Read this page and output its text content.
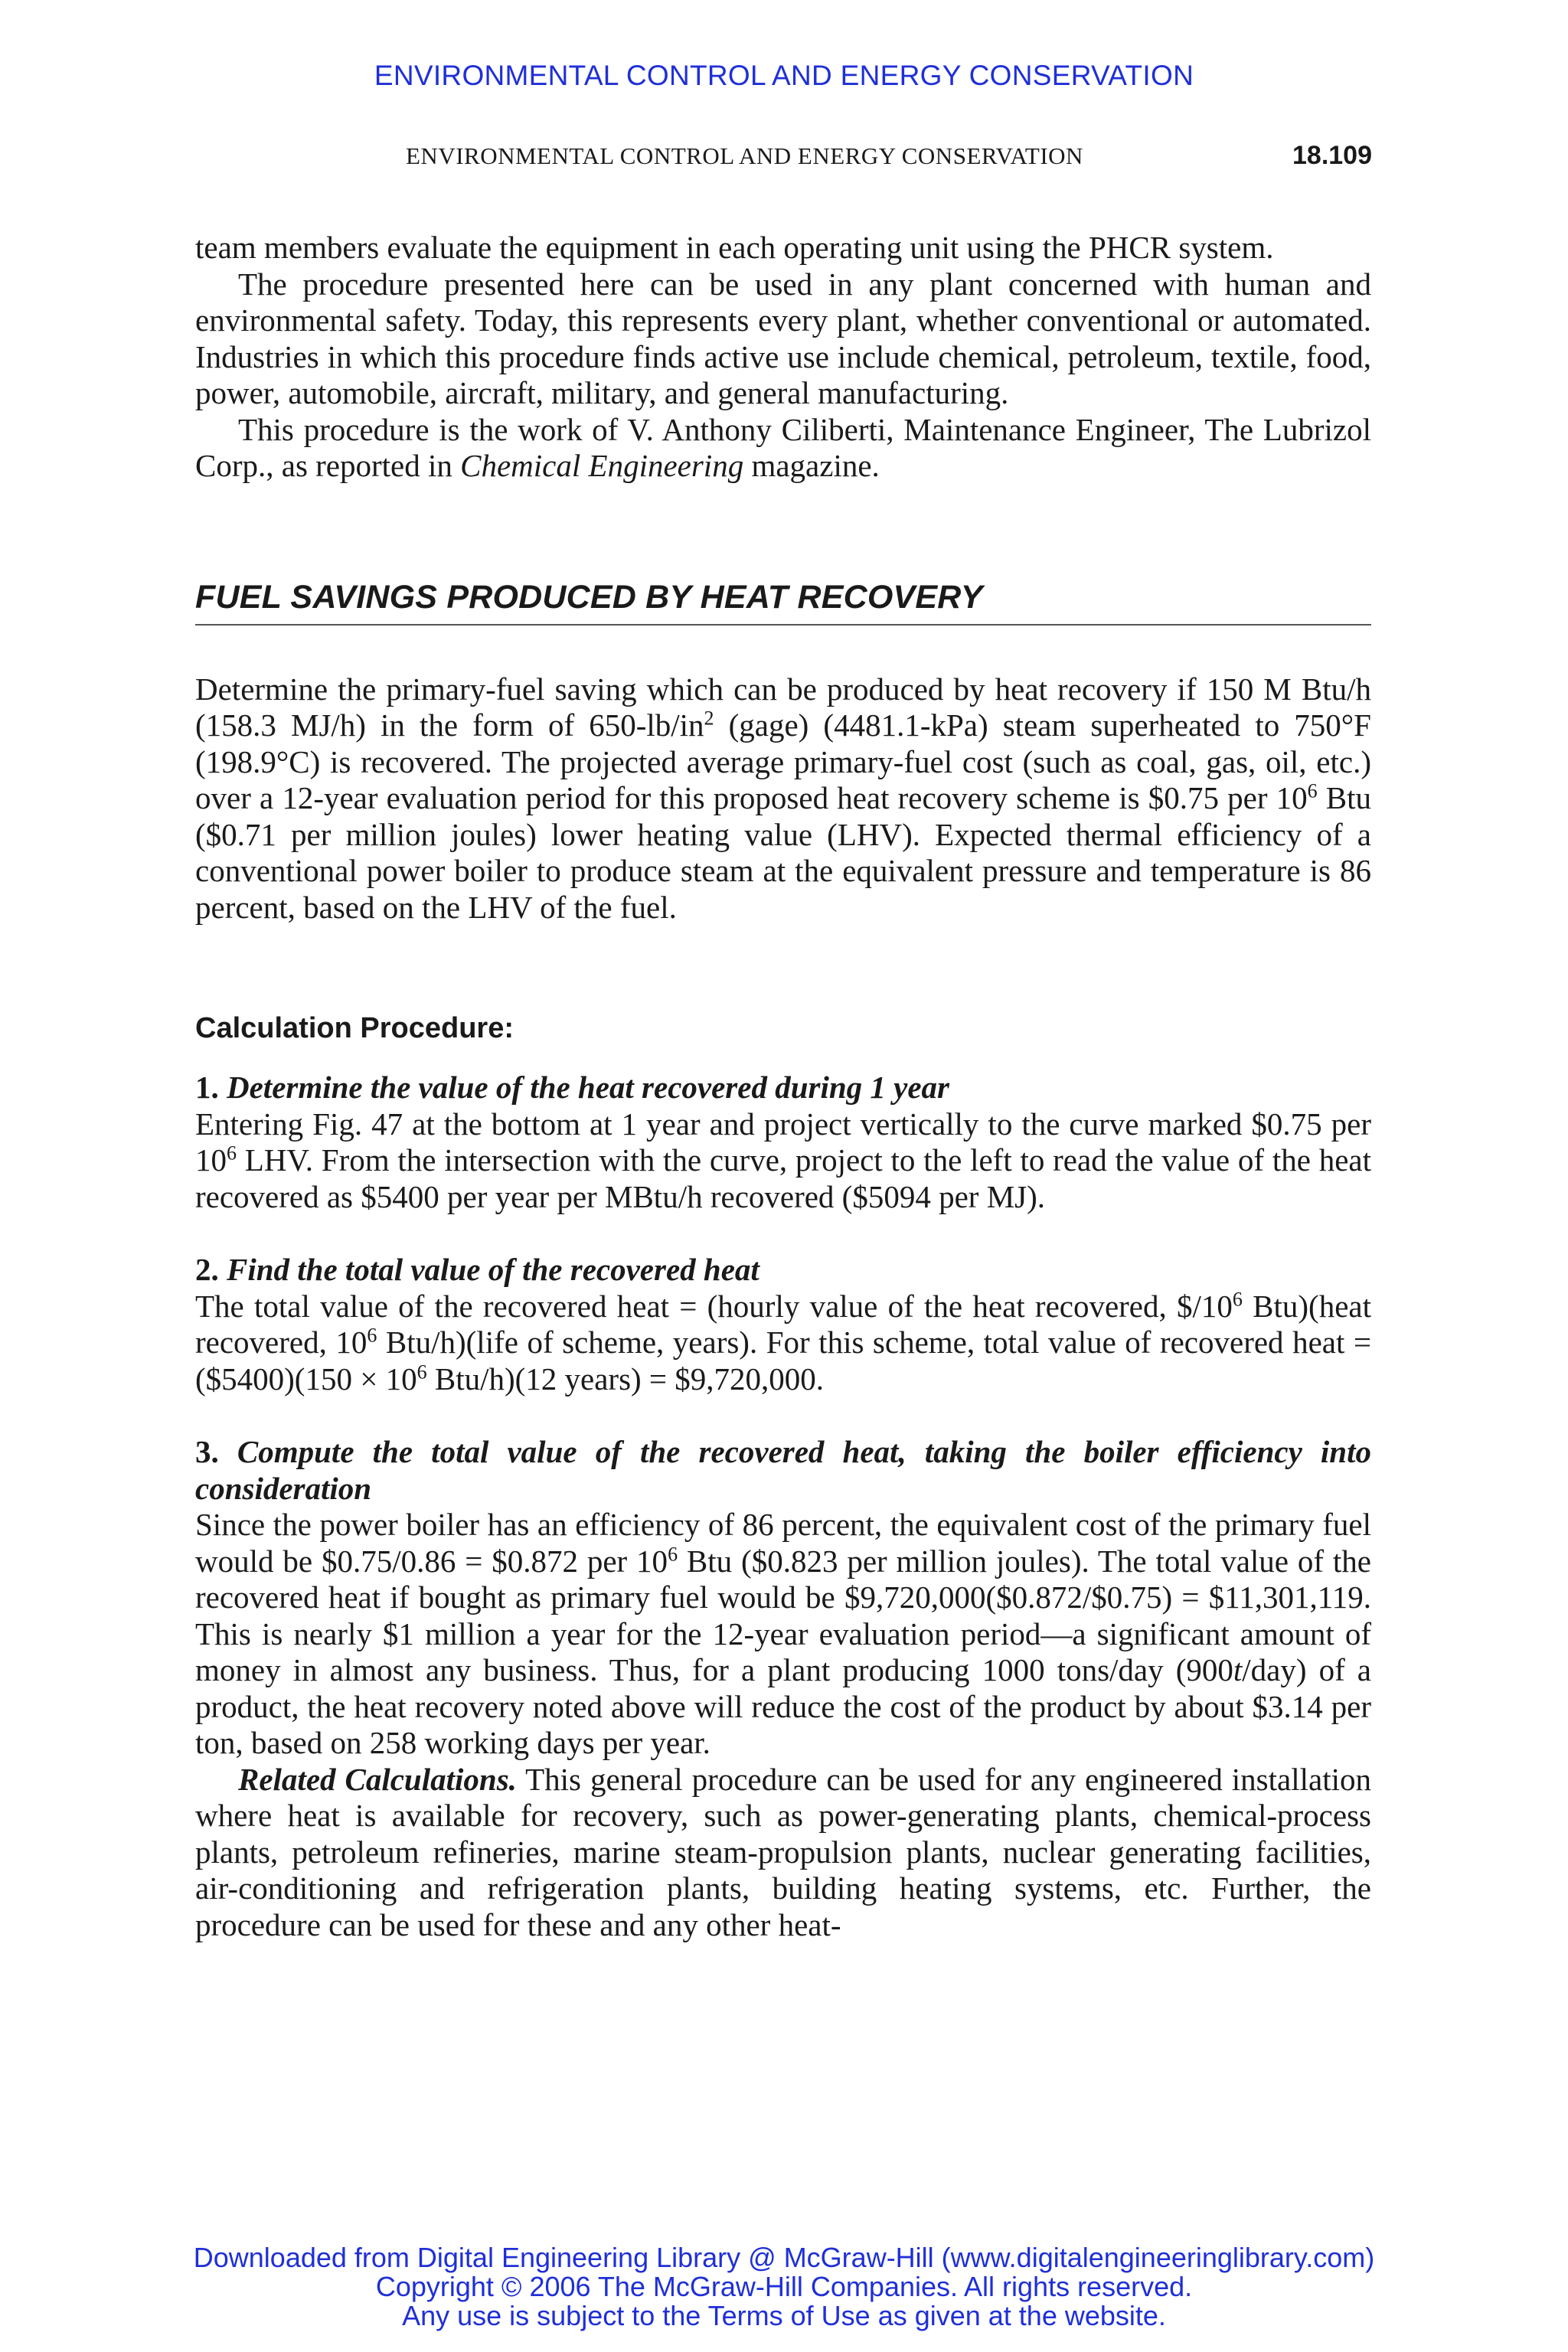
ENVIRONMENTAL CONTROL AND ENERGY CONSERVATION
ENVIRONMENTAL CONTROL AND ENERGY CONSERVATION	18.109

team members evaluate the equipment in each operating unit using the PHCR system.

The procedure presented here can be used in any plant concerned with human and environmental safety. Today, this represents every plant, whether conventional or automated. Industries in which this procedure finds active use include chemical, petroleum, textile, food, power, automobile, aircraft, military, and general manufacturing.

This procedure is the work of V. Anthony Ciliberti, Maintenance Engineer, The Lubrizol Corp., as reported in Chemical Engineering magazine.

FUEL SAVINGS PRODUCED BY HEAT RECOVERY

Determine the primary-fuel saving which can be produced by heat recovery if 150 M Btu/h (158.3 MJ/h) in the form of $650-lb/in^2$ (gage) (4481.1-kPa) steam superheated to 750°F (198.9°C) is recovered. The projected average primary-fuel cost (such as coal, gas, oil, etc.) over a 12-year evaluation period for this proposed heat recovery scheme is $0.75 per $10^6$ Btu ($0.71 per million joules) lower heating value (LHV). Expected thermal efficiency of a conventional power boiler to produce steam at the equivalent pressure and temperature is 86 percent, based on the LHV of the fuel.

Calculation Procedure:

1. Determine the value of the heat recovered during 1 year

Entering Fig. 47 at the bottom at 1 year and project vertically to the curve marked $0.75 per $10^6$ LHV. From the intersection with the curve, project to the left to read the value of the heat recovered as $5400 per year per MBtu/h recovered ($5094 per MJ).

2. Find the total value of the recovered heat

The total value of the recovered heat = (hourly value of the heat recovered, $\$/10^6$ Btu)(heat recovered, $10^6$ Btu/h)(life of scheme, years). For this scheme, total value of recovered heat = ($5400)(150 × $10^6$ Btu/h)(12 years) = $9,720,000.

3. Compute the total value of the recovered heat, taking the boiler efficiency into consideration

Since the power boiler has an efficiency of 86 percent, the equivalent cost of the primary fuel would be $0.75/0.86 = $0.872 per $10^6$ Btu ($0.823 per million joules). The total value of the recovered heat if bought as primary fuel would be $9,720,000($0.872/$0.75) = $11,301,119. This is nearly $1 million a year for the 12-year evaluation period—a significant amount of money in almost any business. Thus, for a plant producing 1000 tons/day (900t/day) of a product, the heat recovery noted above will reduce the cost of the product by about $3.14 per ton, based on 258 working days per year.

Related Calculations. This general procedure can be used for any engineered installation where heat is available for recovery, such as power-generating plants, chemical-process plants, petroleum refineries, marine steam-propulsion plants, nuclear generating facilities, air-conditioning and refrigeration plants, building heating systems, etc. Further, the procedure can be used for these and any other heat-

Downloaded from Digital Engineering Library @ McGraw-Hill (www.digitalengineeringlibrary.com)
Copyright © 2006 The McGraw-Hill Companies. All rights reserved.
Any use is subject to the Terms of Use as given at the website.
